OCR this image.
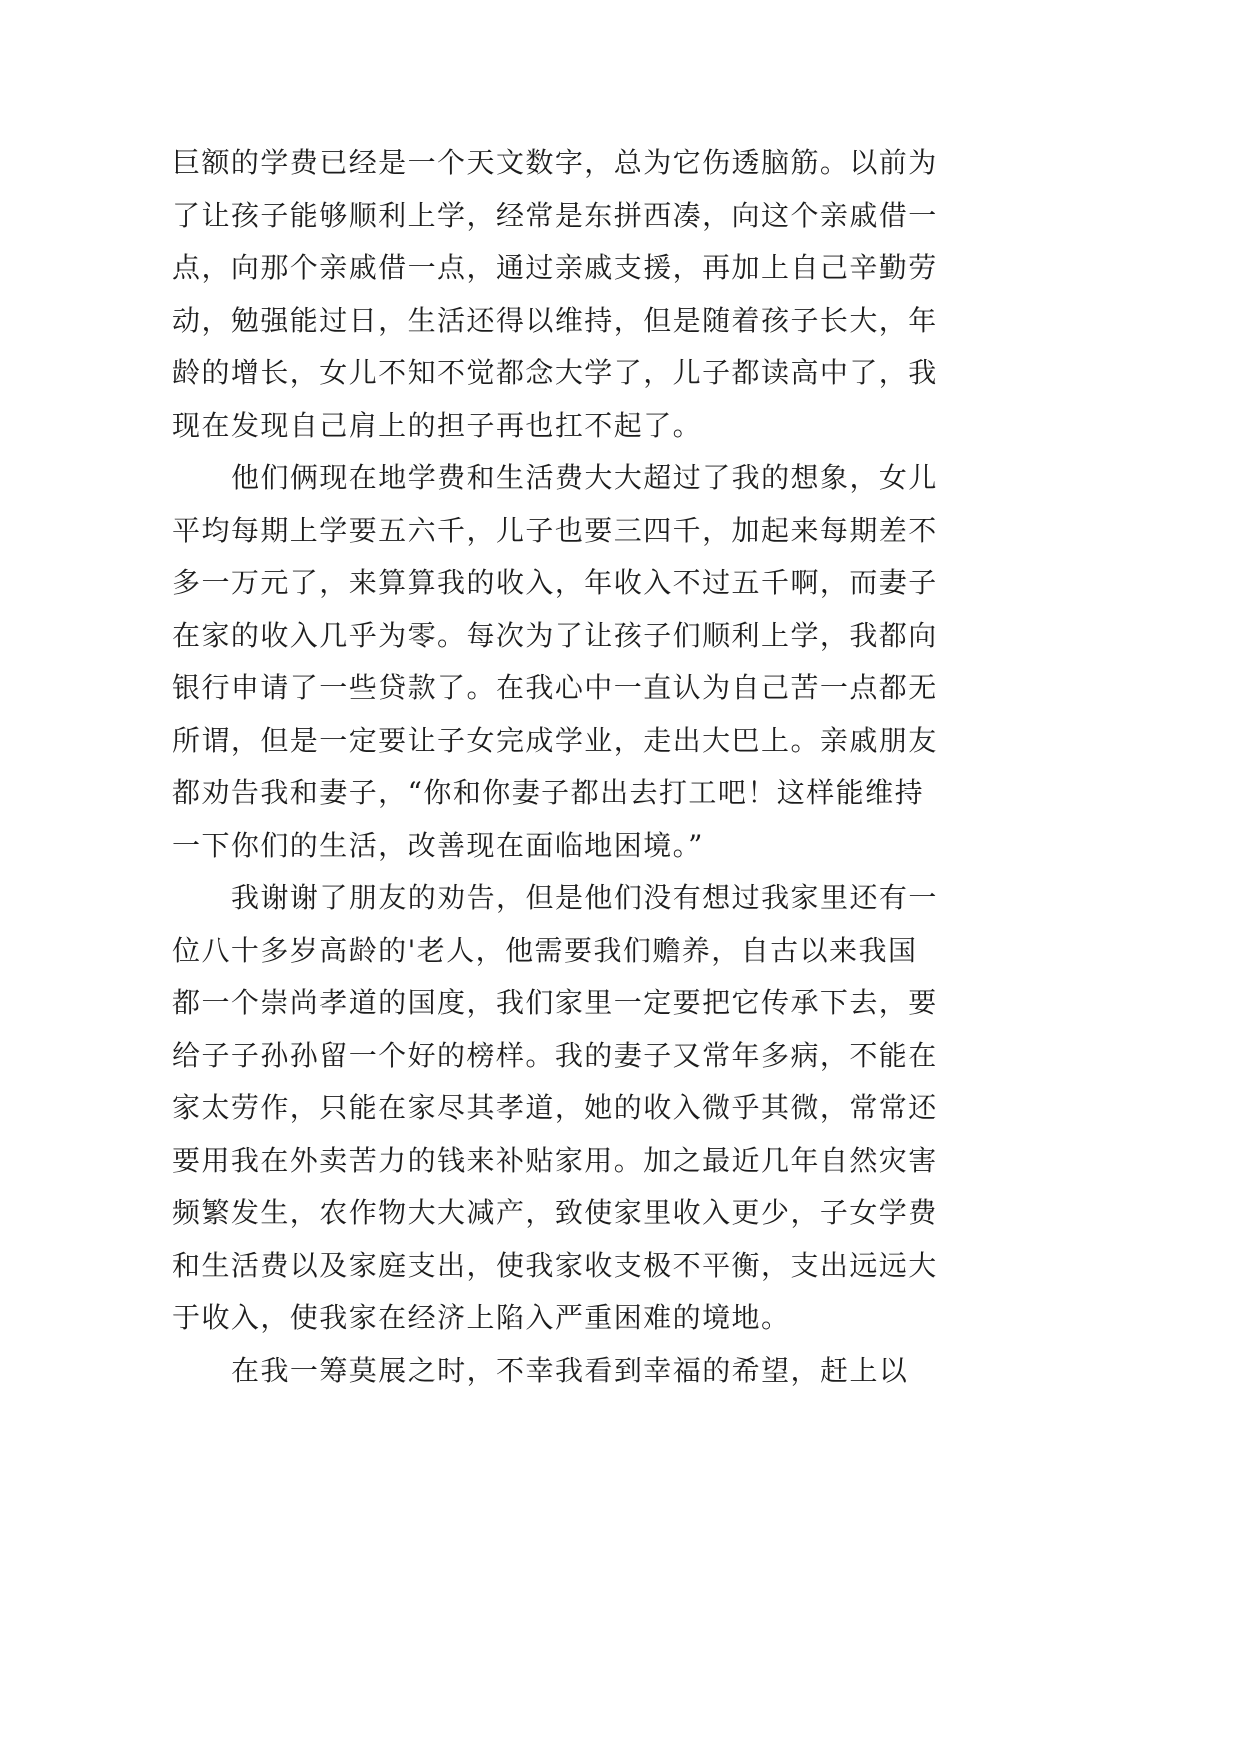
巨额的学费已经是一个天文数字，总为它伤透脑筋。以前为
了让孩子能够顺利上学，经常是东拼西凑，向这个亲戚借一
点，向那个亲戚借一点，通过亲戚支援，再加上自己辛勤劳
动，勉强能过日，生活还得以维持，但是随着孩子长大，年
龄的增长，女儿不知不觉都念大学了，儿子都读高中了，我
现在发现自己肩上的担子再也扛不起了。
他们俩现在地学费和生活费大大超过了我的想象，女儿
平均每期上学要五六千，儿子也要三四千，加起来每期差不
多一万元了，来算算我的收入，年收入不过五千啊，而妻子
在家的收入几乎为零。每次为了让孩子们顺利上学，我都向
银行申请了一些贷款了。在我心中一直认为自己苦一点都无
所谓，但是一定要让子女完成学业，走出大巴上。亲戚朋友
都劝告我和妻子，“你和你妻子都出去打工吧！这样能维持
一下你们的生活，改善现在面临地困境。”
我谢谢了朋友的劝告，但是他们没有想过我家里还有一
位八十多岁高龄的'老人，他需要我们赡养，自古以来我国
都一个崇尚孝道的国度，我们家里一定要把它传承下去，要
给子子孙孙留一个好的榜样。我的妻子又常年多病，不能在
家太劳作，只能在家尽其孝道，她的收入微乎其微，常常还
要用我在外卖苦力的钱来补贴家用。加之最近几年自然灾害
频繁发生，农作物大大减产，致使家里收入更少，子女学费
和生活费以及家庭支出，使我家收支极不平衡，支出远远大
于收入，使我家在经济上陷入严重困难的境地。
在我一筹莫展之时，不幸我看到幸福的希望，赶上以
